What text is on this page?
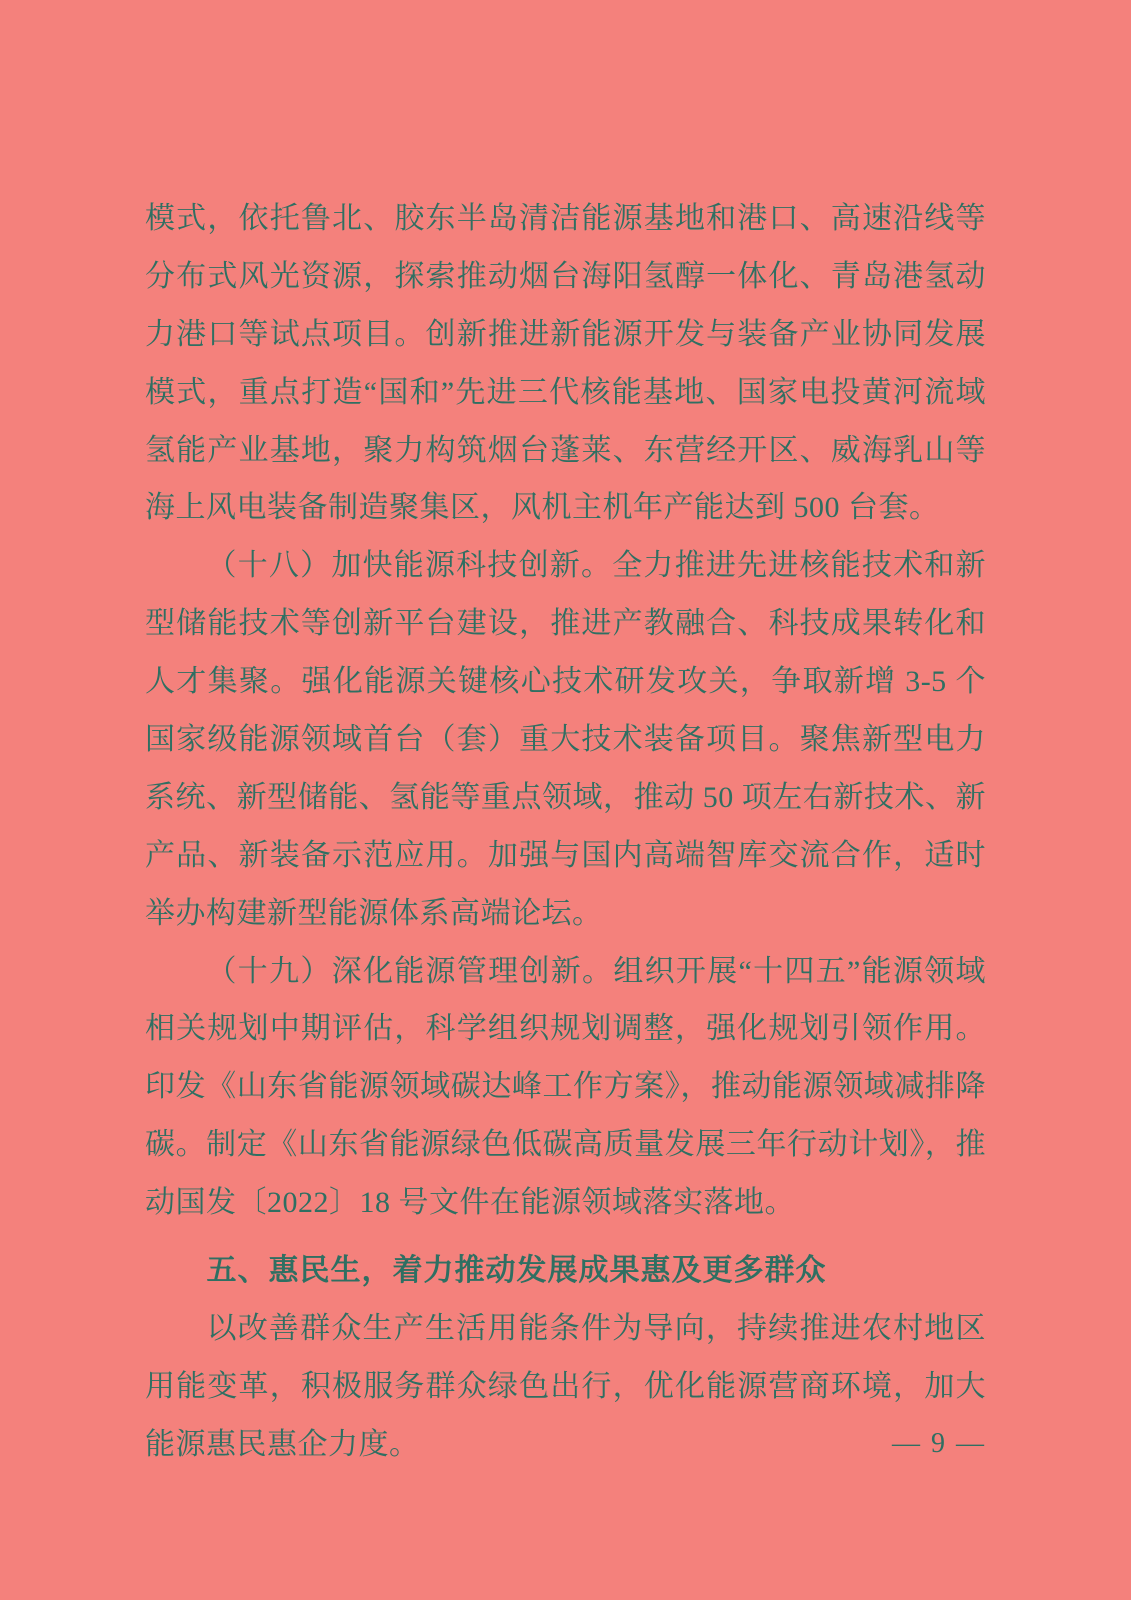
模式，依托鲁北、胶东半岛清洁能源基地和港口、高速沿线等分布式风光资源，探索推动烟台海阳氢醇一体化、青岛港氢动力港口等试点项目。创新推进新能源开发与装备产业协同发展模式，重点打造“国和”先进三代核能基地、国家电投黄河流域氢能产业基地，聚力构筑烟台蓬莱、东营经开区、威海乳山等海上风电装备制造聚集区，风机主机年产能达到 500 台套。

（十八）加快能源科技创新。全力推进先进核能技术和新型储能技术等创新平台建设，推进产教融合、科技成果转化和人才集聚。强化能源关键核心技术研发攻关，争取新增 3-5 个国家级能源领域首台（套）重大技术装备项目。聚焦新型电力系统、新型储能、氢能等重点领域，推动 50 项左右新技术、新产品、新装备示范应用。加强与国内高端智库交流合作，适时举办构建新型能源体系高端论坛。

（十九）深化能源管理创新。组织开展“十四五”能源领域相关规划中期评估，科学组织规划调整，强化规划引领作用。印发《山东省能源领域碳达峰工作方案》，推动能源领域减排降碳。制定《山东省能源绿色低碳高质量发展三年行动计划》，推动国发〔2022〕18 号文件在能源领域落实落地。

五、惠民生，着力推动发展成果惠及更多群众

以改善群众生产生活用能条件为导向，持续推进农村地区用能变革，积极服务群众绿色出行，优化能源营商环境，加大能源惠民惠企力度。	— 9 —
